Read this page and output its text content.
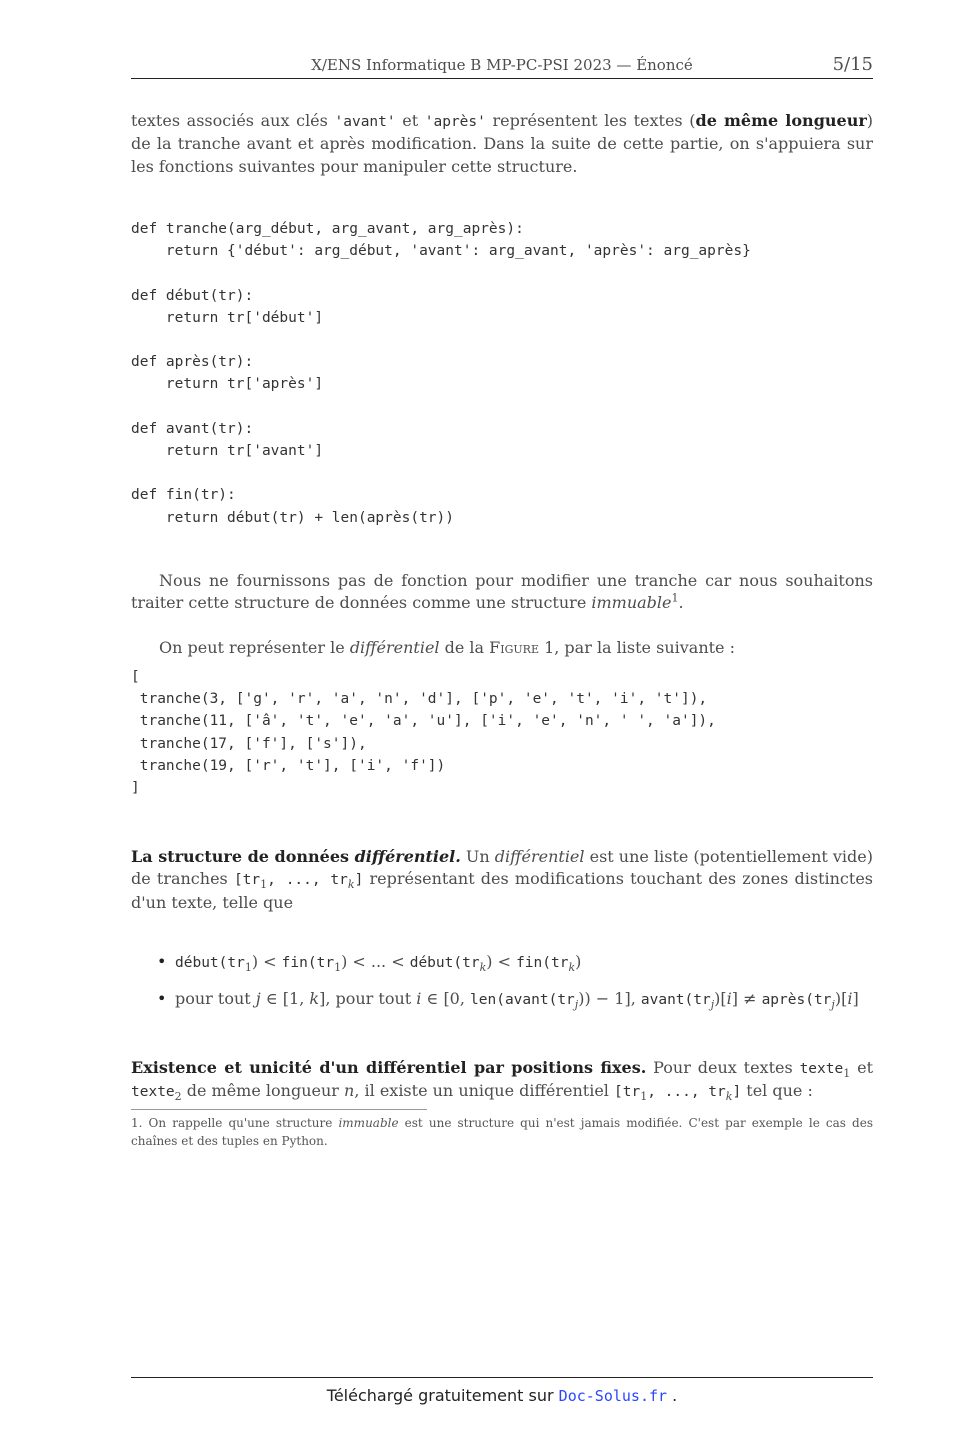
X/ENS Informatique B MP-PC-PSI 2023 — Énoncé	5/15

textes associés aux clés 'avant' et 'après' représentent les textes (de même longueur) de la tranche avant et après modification. Dans la suite de cette partie, on s'appuiera sur les fonctions suivantes pour manipuler cette structure.

def tranche(arg_début, arg_avant, arg_après):
return {'début': arg_début, 'avant': arg_avant, 'après': arg_après}

def début(tr):
return tr['début']

def après(tr):
return tr['après']

def avant(tr):
return tr['avant']

def fin(tr):
return début(tr) + len(après(tr))

Nous ne fournissons pas de fonction pour modifier une tranche car nous souhaitons traiter cette structure de données comme une structure immuable$^1$.

On peut représenter le différentiel de la Figure 1, par la liste suivante :

[
tranche(3, ['g', 'r', 'a', 'n', 'd'], ['p', 'e', 't', 'i', 't']),
tranche(11, ['â', 't', 'e', 'a', 'u'], ['i', 'e', 'n', ' ', 'a']),
tranche(17, ['f'], ['s']),
tranche(19, ['r', 't'], ['i', 'f'])
]

La structure de données différentiel. Un différentiel est une liste (potentiellement vide) de tranches [$tr_1$, ..., $tr_k$] représentant des modifications touchant des zones distinctes d'un texte, telle que

• $début(tr_1) < fin(tr_1)$ < ... < $début(tr_k) < fin(tr_k)$
• pour tout j ∈ [1, k], pour tout i ∈ [0, $len(avant(tr_j)) - 1$], $avant(tr_j)[i]$ ≠ $après(tr_j)[i]$

Existence et unicité d'un différentiel par positions fixes. Pour deux textes texte$_1$ et texte$_2$ de même longueur n, il existe un unique différentiel [$tr_1$, ..., $tr_k$] tel que :

1. On rappelle qu'une structure immuable est une structure qui n'est jamais modifiée. C'est par exemple le cas des chaînes et des tuples en Python.

Téléchargé gratuitement sur Doc-Solus.fr .
